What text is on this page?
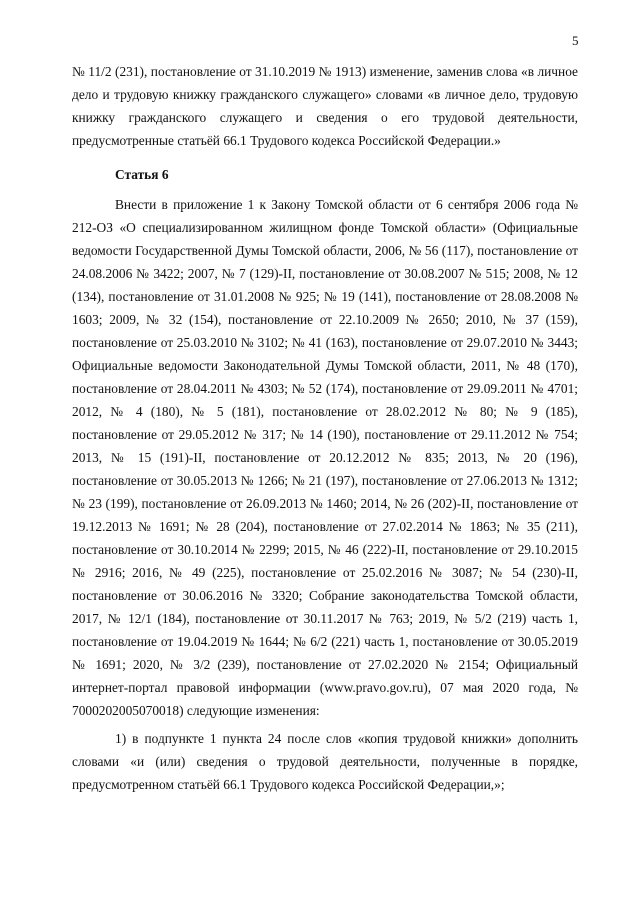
5

№ 11/2 (231), постановление от 31.10.2019 № 1913) изменение, заменив слова «в личное дело и трудовую книжку гражданского служащего» словами «в личное дело, трудовую книжку гражданского служащего и сведения о его трудовой деятельности, предусмотренные статьёй 66.1 Трудового кодекса Российской Федерации.»

Статья 6

Внести в приложение 1 к Закону Томской области от 6 сентября 2006 года № 212-ОЗ «О специализированном жилищном фонде Томской области» (Официальные ведомости Государственной Думы Томской области, 2006, № 56 (117), постановление от 24.08.2006 № 3422; 2007, № 7 (129)-II, постановление от 30.08.2007 № 515; 2008, № 12 (134), постановление от 31.01.2008 № 925; № 19 (141), постановление от 28.08.2008 № 1603; 2009, № 32 (154), постановление от 22.10.2009 № 2650; 2010, № 37 (159), постановление от 25.03.2010 № 3102; № 41 (163), постановление от 29.07.2010 № 3443; Официальные ведомости Законодательной Думы Томской области, 2011, № 48 (170), постановление от 28.04.2011 № 4303; № 52 (174), постановление от 29.09.2011 № 4701; 2012, № 4 (180), № 5 (181), постановление от 28.02.2012 № 80; № 9 (185), постановление от 29.05.2012 № 317; № 14 (190), постановление от 29.11.2012 № 754; 2013, № 15 (191)-II, постановление от 20.12.2012 № 835; 2013, № 20 (196), постановление от 30.05.2013 № 1266; № 21 (197), постановление от 27.06.2013 № 1312; № 23 (199), постановление от 26.09.2013 № 1460; 2014, № 26 (202)-II, постановление от 19.12.2013 № 1691; № 28 (204), постановление от 27.02.2014 № 1863; № 35 (211), постановление от 30.10.2014 № 2299; 2015, № 46 (222)-II, постановление от 29.10.2015 № 2916; 2016, № 49 (225), постановление от 25.02.2016 № 3087; № 54 (230)-II, постановление от 30.06.2016 № 3320; Собрание законодательства Томской области, 2017, № 12/1 (184), постановление от 30.11.2017 № 763; 2019, № 5/2 (219) часть 1, постановление от 19.04.2019 № 1644; № 6/2 (221) часть 1, постановление от 30.05.2019 № 1691; 2020, № 3/2 (239), постановление от 27.02.2020 № 2154; Официальный интернет-портал правовой информации (www.pravo.gov.ru), 07 мая 2020 года, № 7000202005070018) следующие изменения:

1) в подпункте 1 пункта 24 после слов «копия трудовой книжки» дополнить словами «и (или) сведения о трудовой деятельности, полученные в порядке, предусмотренном статьёй 66.1 Трудового кодекса Российской Федерации,»;
